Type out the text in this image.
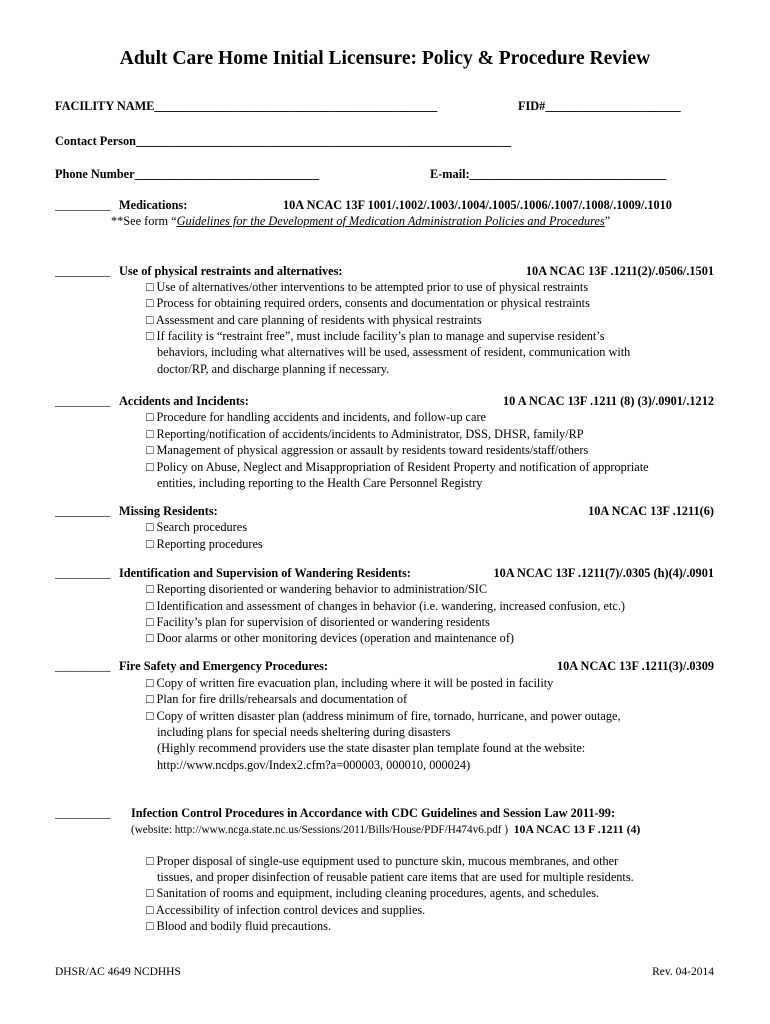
Adult Care Home Initial Licensure: Policy & Procedure Review
FACILITY NAME______________________________________________	FID#______________________
Contact Person_____________________________________________________________
Phone Number______________________________	E-mail:________________________________
_________ Medications:	10A NCAC 13F 1001/.1002/.1003/.1004/.1005/.1006/.1007/.1008/.1009/.1010
**See form “Guidelines for the Development of Medication Administration Policies and Procedures”
_________ Use of physical restraints and alternatives:	10A NCAC 13F .1211(2)/.0506/.1501
□ Use of alternatives/other interventions to be attempted prior to use of physical restraints
□ Process for obtaining required orders, consents and documentation or physical restraints
□ Assessment and care planning of residents with physical restraints
□ If facility is “restraint free”, must include facility’s plan to manage and supervise resident’s
behaviors, including what alternatives will be used, assessment of resident, communication with
doctor/RP, and discharge planning if necessary.
_________ Accidents and Incidents:	10 A NCAC 13F .1211 (8) (3)/.0901/.1212
□ Procedure for handling accidents and incidents, and follow-up care
□ Reporting/notification of accidents/incidents to Administrator, DSS, DHSR, family/RP
□ Management of physical aggression or assault by residents toward residents/staff/others
□ Policy on Abuse, Neglect and Misappropriation of Resident Property and notification of appropriate
entities, including reporting to the Health Care Personnel Registry
_________ Missing Residents:	10A NCAC 13F .1211(6)
□ Search procedures
□ Reporting procedures
_________ Identification and Supervision of Wandering Residents:	10A NCAC 13F .1211(7)/.0305 (h)(4)/.0901
□ Reporting disoriented or wandering behavior to administration/SIC
□ Identification and assessment of changes in behavior (i.e. wandering, increased confusion, etc.)
□ Facility’s plan for supervision of disoriented or wandering residents
□ Door alarms or other monitoring devices (operation and maintenance of)
_________ Fire Safety and Emergency Procedures:	10A NCAC 13F .1211(3)/.0309
□ Copy of written fire evacuation plan, including where it will be posted in facility
□ Plan for fire drills/rehearsals and documentation of
□ Copy of written disaster plan (address minimum of fire, tornado, hurricane, and power outage,
including plans for special needs sheltering during disasters
(Highly recommend providers use the state disaster plan template found at the website:
http://www.ncdps.gov/Index2.cfm?a=000003, 000010, 000024)
_________ Infection Control Procedures in Accordance with CDC Guidelines and Session Law 2011-99:
(website: http://www.ncga.state.nc.us/Sessions/2011/Bills/House/PDF/H474v6.pdf ) 10A NCAC 13 F .1211 (4)
□ Proper disposal of single-use equipment used to puncture skin, mucous membranes, and other
tissues, and proper disinfection of reusable patient care items that are used for multiple residents.
□ Sanitation of rooms and equipment, including cleaning procedures, agents, and schedules.
□ Accessibility of infection control devices and supplies.
□ Blood and bodily fluid precautions.
DHSR/AC 4649 NCDHHS	Rev. 04-2014
